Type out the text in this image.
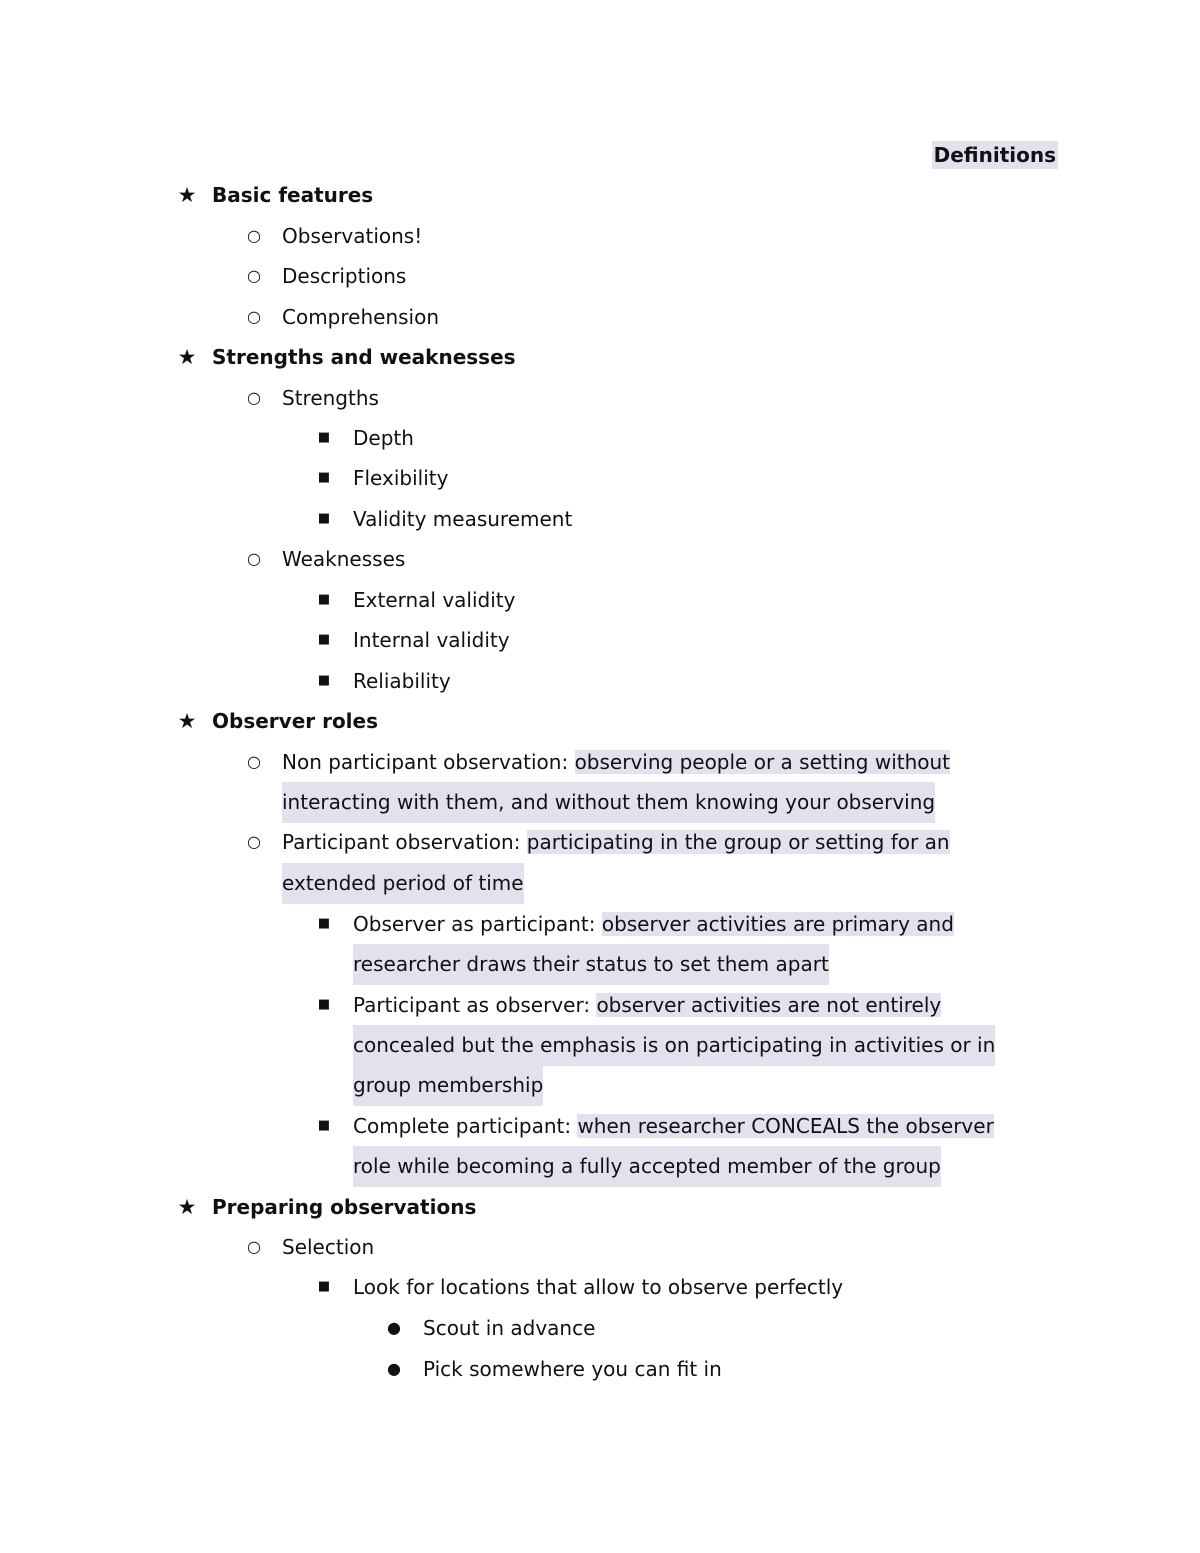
Definitions
★ Basic features
○ Observations!
○ Descriptions
○ Comprehension
★ Strengths and weaknesses
○ Strengths
■ Depth
■ Flexibility
■ Validity measurement
○ Weaknesses
■ External validity
■ Internal validity
■ Reliability
★ Observer roles
○ Non participant observation: observing people or a setting without
interacting with them, and without them knowing your observing
○ Participant observation: participating in the group or setting for an
extended period of time
■ Observer as participant: observer activities are primary and
researcher draws their status to set them apart
■ Participant as observer: observer activities are not entirely
concealed but the emphasis is on participating in activities or in
group membership
■ Complete participant: when researcher CONCEALS the observer
role while becoming a fully accepted member of the group
★ Preparing observations
○ Selection
■ Look for locations that allow to observe perfectly
● Scout in advance
● Pick somewhere you can fit in
